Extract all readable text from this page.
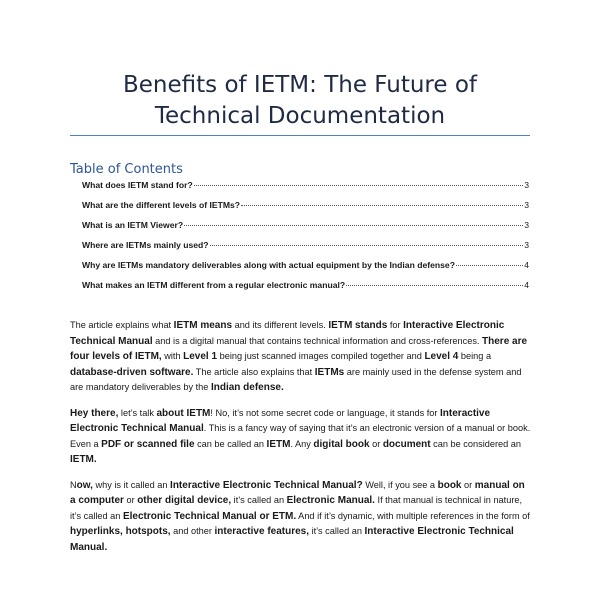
Benefits of IETM: The Future of Technical Documentation
Table of Contents
What does IETM stand for?	3
What are the different levels of IETMs?	3
What is an IETM Viewer?	3
Where are IETMs mainly used?	3
Why are IETMs mandatory deliverables along with actual equipment by the Indian defense?	4
What makes an IETM different from a regular electronic manual?	4

The article explains what IETM means and its different levels. IETM stands for Interactive Electronic Technical Manual and is a digital manual that contains technical information and cross-references. There are four levels of IETM, with Level 1 being just scanned images compiled together and Level 4 being a database-driven software. The article also explains that IETMs are mainly used in the defense system and are mandatory deliverables by the Indian defense.

Hey there, let’s talk about IETM! No, it’s not some secret code or language, it stands for Interactive Electronic Technical Manual. This is a fancy way of saying that it’s an electronic version of a manual or book. Even a PDF or scanned file can be called an IETM. Any digital book or document can be considered an IETM.

Now, why is it called an Interactive Electronic Technical Manual? Well, if you see a book or manual on a computer or other digital device, it’s called an Electronic Manual. If that manual is technical in nature, it’s called an Electronic Technical Manual or ETM. And if it’s dynamic, with multiple references in the form of hyperlinks, hotspots, and other interactive features, it’s called an Interactive Electronic Technical Manual.
